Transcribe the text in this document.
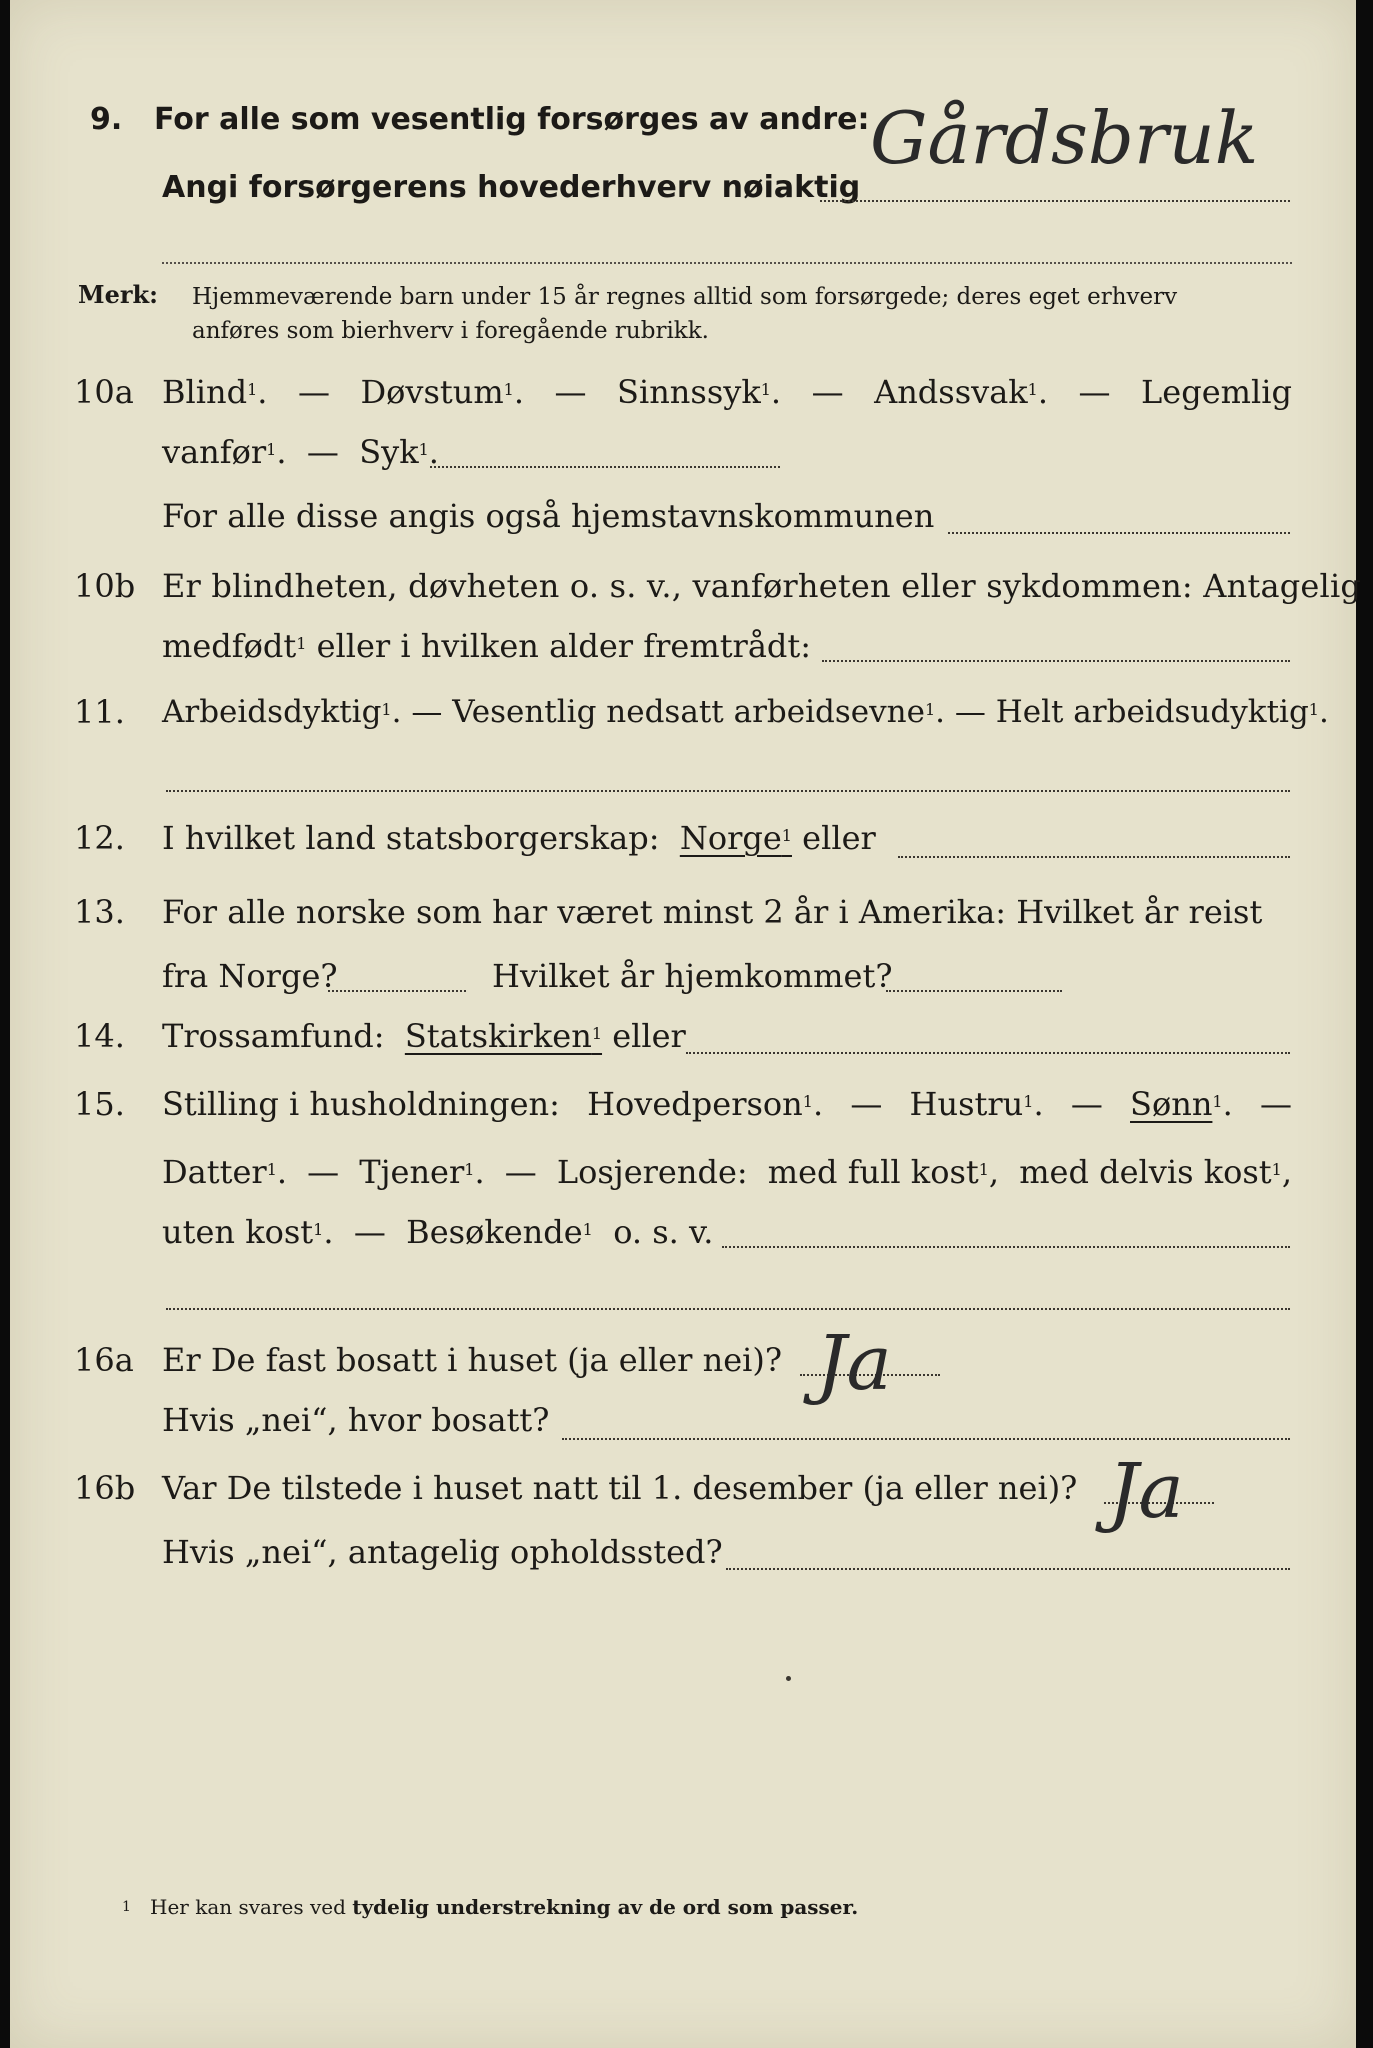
9. For alle som vesentlig forsørges av andre:
Angi forsørgerens hovederhverv nøiaktig
Gårdsbruk
Merk: Hjemmeværende barn under 15 år regnes alltid som forsørgede; deres eget erhverv
anføres som bierhverv i foregående rubrikk.
10a Blind$^1$. — Døvstum$^1$. — Sinnssyk$^1$. — Andssvak$^1$. — Legemlig
vanfør$^1$.  — Syk$^1$.
For alle disse angis også hjemstavnskommunen
10b Er blindheten, døvheten o. s. v., vanførheten eller sykdommen: Antagelig
medfødt$^1$ eller i hvilken alder fremtrådt:
11. Arbeidsdyktig$^1$. — Vesentlig nedsatt arbeidsevne$^1$. — Helt arbeidsudyktig$^1$.
12. I hvilket land statsborgerskap: Norge$^1$ eller
13. For alle norske som har været minst 2 år i Amerika: Hvilket år reist
fra Norge?	Hvilket år hjemkommet?
14. Trossamfund: Statskirken$^1$ eller
15. Stilling i husholdningen: Hovedperson$^1$. — Hustru$^1$. — Sønn$^1$. —
Datter$^1$. — Tjener$^1$. — Losjerende: med full kost$^1$, med delvis kost$^1$,
uten kost$^1$.  — Besøkende$^1$ o. s. v.
16a Er De fast bosatt i huset (ja eller nei)? Ja
Hvis „nei“, hvor bosatt?
16b Var De tilstede i huset natt til 1. desember (ja eller nei)? Ja
Hvis „nei“, antagelig opholdssted?
$^1$ Her kan svares ved tydelig understrekning av de ord som passer.
